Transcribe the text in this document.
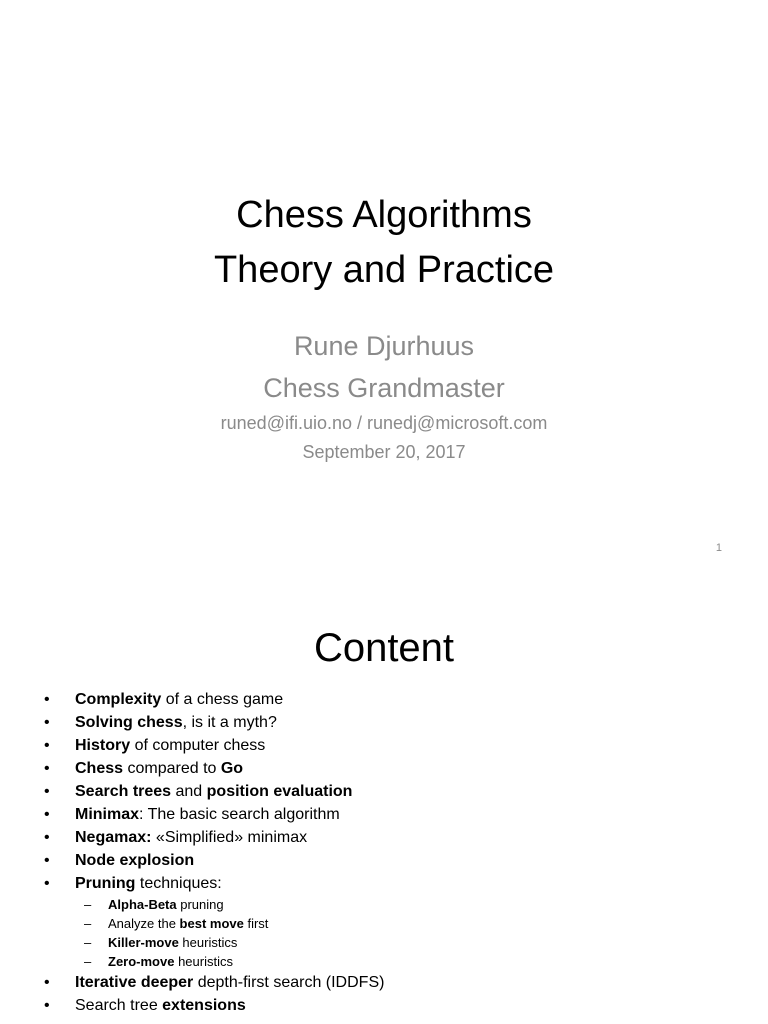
Chess Algorithms
Theory and Practice
Rune Djurhuus
Chess Grandmaster
runed@ifi.uio.no / runedj@microsoft.com
September 20, 2017
1
Content
• Complexity of a chess game
• Solving chess, is it a myth?
• History of computer chess
• Chess compared to Go
• Search trees and position evaluation
• Minimax: The basic search algorithm
• Negamax: «Simplified» minimax
• Node explosion
• Pruning techniques:
– Alpha-Beta pruning
– Analyze the best move first
– Killer-move heuristics
– Zero-move heuristics
• Iterative deeper depth-first search (IDDFS)
• Search tree extensions
